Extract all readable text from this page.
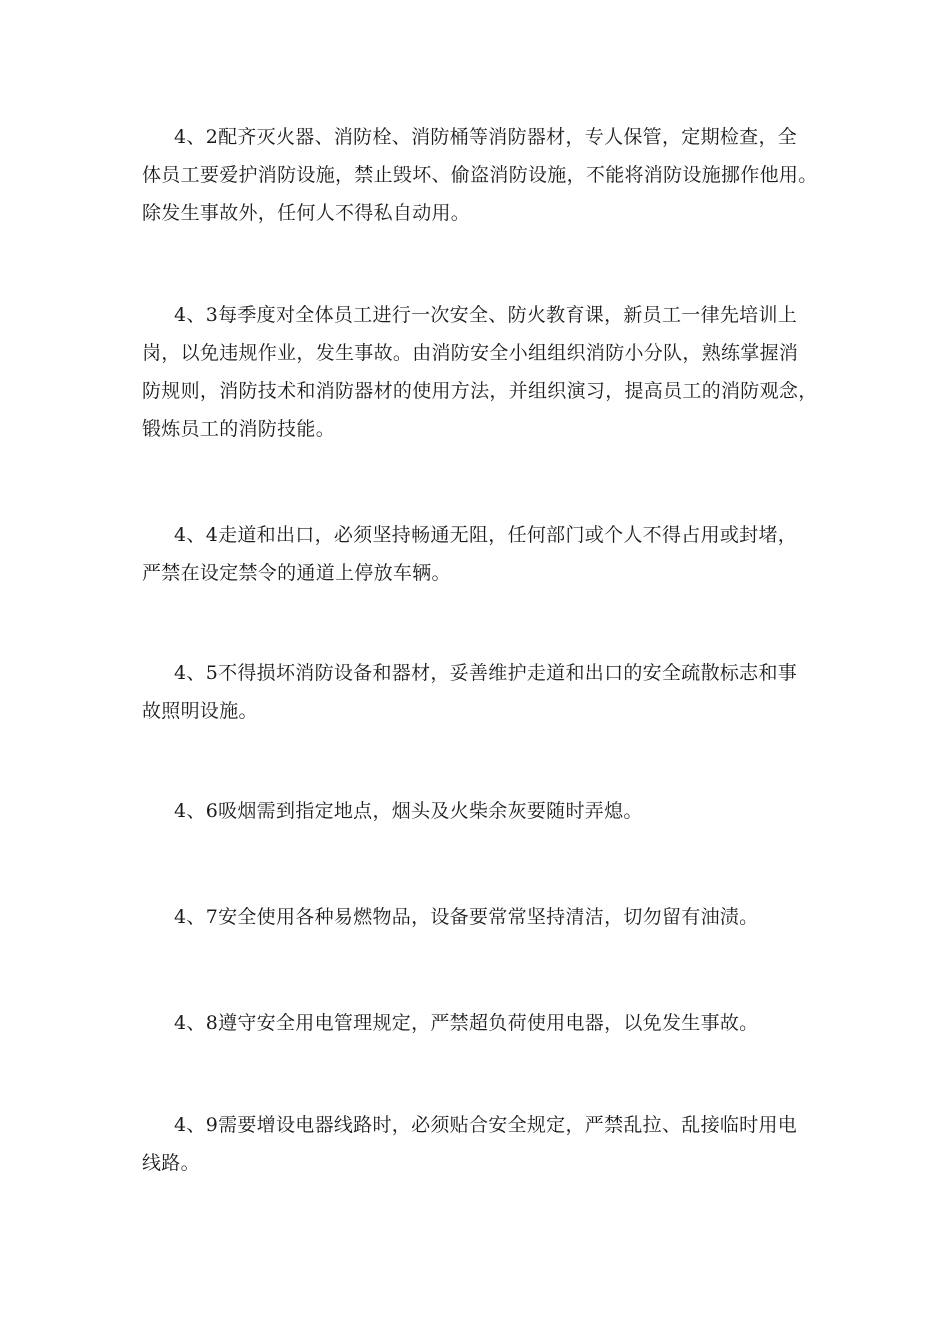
4、2配齐灭火器、消防栓、消防桶等消防器材，专人保管，定期检查，全
体员工要爱护消防设施，禁止毁坏、偷盗消防设施，不能将消防设施挪作他用。
除发生事故外，任何人不得私自动用。

4、3每季度对全体员工进行一次安全、防火教育课，新员工一律先培训上
岗，以免违规作业，发生事故。由消防安全小组组织消防小分队，熟练掌握消
防规则，消防技术和消防器材的使用方法，并组织演习，提高员工的消防观念，
锻炼员工的消防技能。

4、4走道和出口，必须坚持畅通无阻，任何部门或个人不得占用或封堵，
严禁在设定禁令的通道上停放车辆。

4、5不得损坏消防设备和器材，妥善维护走道和出口的安全疏散标志和事
故照明设施。

4、6吸烟需到指定地点，烟头及火柴余灰要随时弄熄。

4、7安全使用各种易燃物品，设备要常常坚持清洁，切勿留有油渍。

4、8遵守安全用电管理规定，严禁超负荷使用电器，以免发生事故。

4、9需要增设电器线路时，必须贴合安全规定，严禁乱拉、乱接临时用电
线路。
